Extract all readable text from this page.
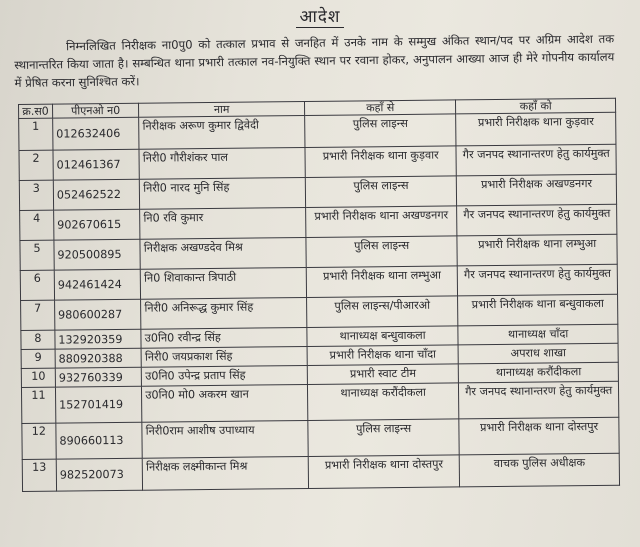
आदेश
निम्नलिखित निरीक्षक ना0पु0 को तत्काल प्रभाव से जनहित में उनके नाम के सम्मुख अंकित स्थान/पद पर अग्रिम आदेश तक स्थानान्तरित किया जाता है। सम्बन्धित थाना प्रभारी तत्काल नव-नियुक्ति स्थान पर रवाना होकर, अनुपालन आख्या आज ही मेरे गोपनीय कार्यालय में प्रेषित करना सुनिश्चित करें।
क्र.स0	पीएनओ न0	नाम	कहाँ से	कहाँ को
1	012632406	निरीक्षक अरूण कुमार द्विवेदी	पुलिस लाइन्स	प्रभारी निरीक्षक थाना कुड़वार
2	012461367	निरी0 गौरीशंकर पाल	प्रभारी निरीक्षक थाना कुड़वार	गैर जनपद स्थानान्तरण हेतु कार्यमुक्त
3	052462522	निरी0 नारद मुनि सिंह	पुलिस लाइन्स	प्रभारी निरीक्षक अखण्डनगर
4	902670615	नि0 रवि कुमार	प्रभारी निरीक्षक थाना अखण्डनगर	गैर जनपद स्थानान्तरण हेतु कार्यमुक्त
5	920500895	निरीक्षक अखण्डदेव मिश्र	पुलिस लाइन्स	प्रभारी निरीक्षक थाना लम्भुआ
6	942461424	नि0 शिवाकान्त त्रिपाठी	प्रभारी निरीक्षक थाना लम्भुआ	गैर जनपद स्थानान्तरण हेतु कार्यमुक्त
7	980600287	निरी0 अनिरूद्ध कुमार सिंह	पुलिस लाइन्स/पीआरओ	प्रभारी निरीक्षक थाना बन्धुवाकला
8	132920359	उ0नि0 रवीन्द्र सिंह	थानाध्यक्ष बन्धुवाकला	थानाध्यक्ष चाँदा
9	880920388	निरी0 जयप्रकाश सिंह	प्रभारी निरीक्षक थाना चाँदा	अपराध शाखा
10	932760339	उ0नि0 उपेन्द्र प्रताप सिंह	प्रभारी स्वाट टीम	थानाध्यक्ष करौंदीकला
11	152701419	उ0नि0 मो0 अकरम खान	थानाध्यक्ष करौंदीकला	गैर जनपद स्थानान्तरण हेतु कार्यमुक्त
12	890660113	निरी0राम आशीष उपाध्याय	पुलिस लाइन्स	प्रभारी निरीक्षक थाना दोस्तपुर
13	982520073	निरीक्षक लक्ष्मीकान्त मिश्र	प्रभारी निरीक्षक थाना दोस्तपुर	वाचक पुलिस अधीक्षक
